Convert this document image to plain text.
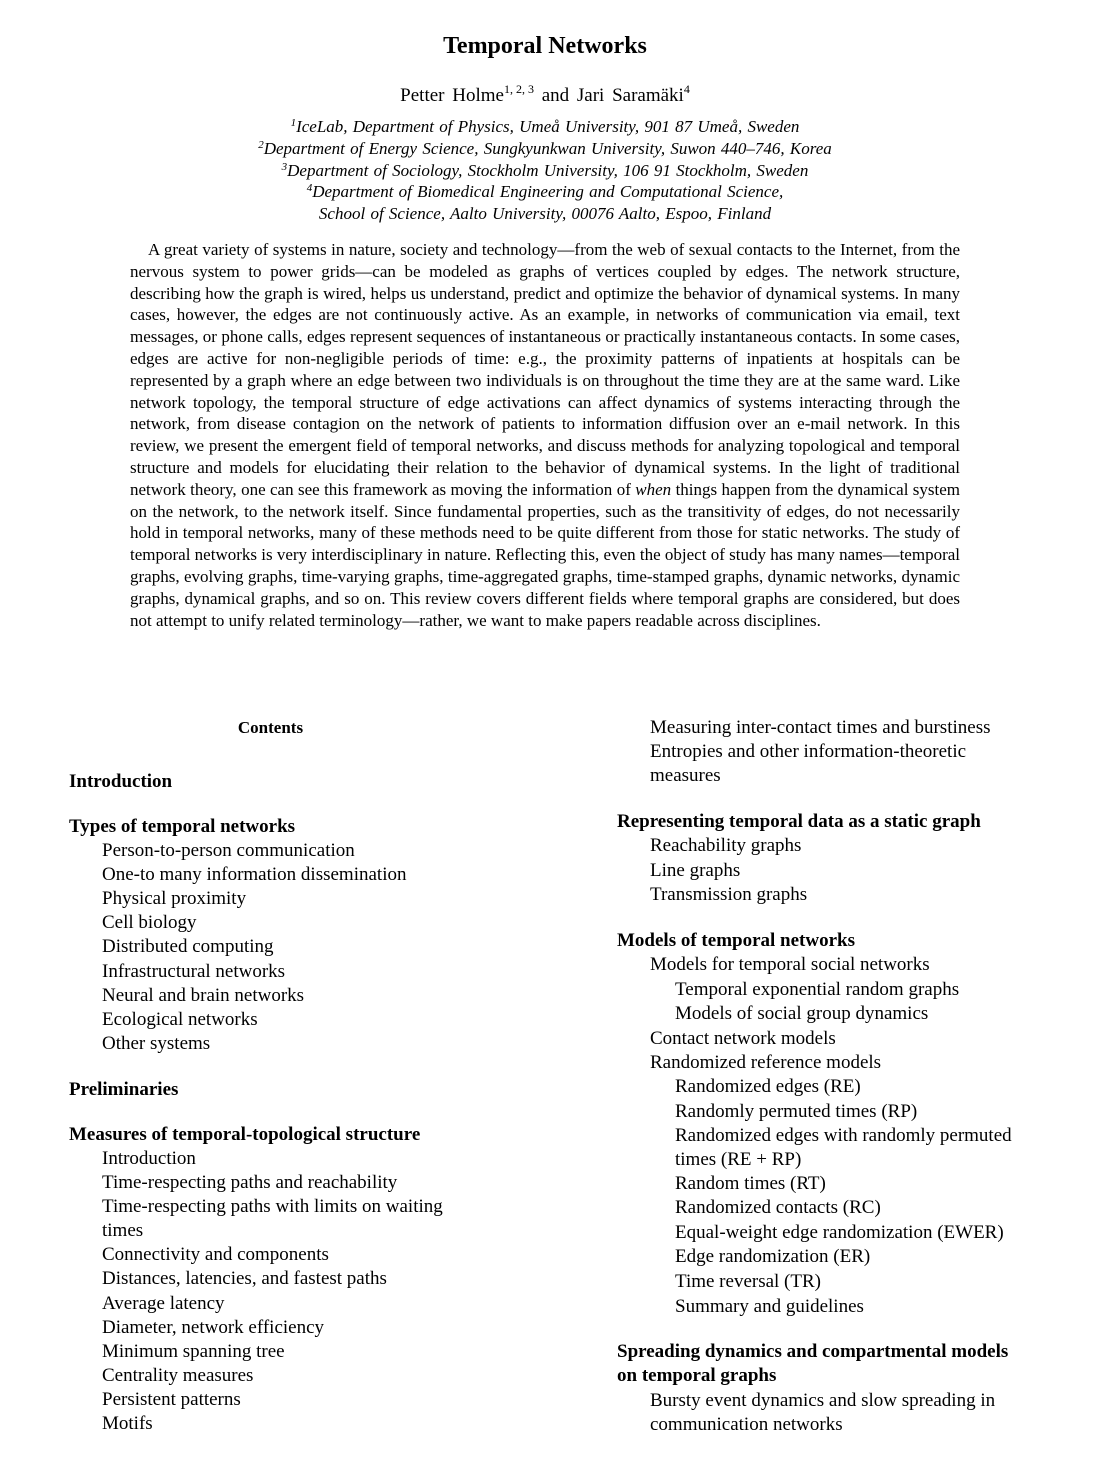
Temporal Networks
Petter Holme$^{1, 2, 3}$ and Jari Saramäki$^4$
$^1$IceLab, Department of Physics, Umeå University, 901 87 Umeå, Sweden
$^2$Department of Energy Science, Sungkyunkwan University, Suwon 440–746, Korea
$^3$Department of Sociology, Stockholm University, 106 91 Stockholm, Sweden
$^4$Department of Biomedical Engineering and Computational Science,
School of Science, Aalto University, 00076 Aalto, Espoo, Finland

A great variety of systems in nature, society and technology—from the web of sexual contacts to the Internet, from the nervous system to power grids—can be modeled as graphs of vertices coupled by edges. The network structure, describing how the graph is wired, helps us understand, predict and optimize the behavior of dynamical systems. In many cases, however, the edges are not continuously active. As an example, in networks of communication via email, text messages, or phone calls, edges represent sequences of instantaneous or practically instantaneous contacts. In some cases, edges are active for non-negligible periods of time: e.g., the proximity patterns of inpatients at hospitals can be represented by a graph where an edge between two individuals is on throughout the time they are at the same ward. Like network topology, the temporal structure of edge activations can affect dynamics of systems interacting through the network, from disease contagion on the network of patients to information diffusion over an e-mail network. In this review, we present the emergent field of temporal networks, and discuss methods for analyzing topological and temporal structure and models for elucidating their relation to the behavior of dynamical systems. In the light of traditional network theory, one can see this framework as moving the information of when things happen from the dynamical system on the network, to the network itself. Since fundamental properties, such as the transitivity of edges, do not necessarily hold in temporal networks, many of these methods need to be quite different from those for static networks. The study of temporal networks is very interdisciplinary in nature. Reflecting this, even the object of study has many names—temporal graphs, evolving graphs, time-varying graphs, time-aggregated graphs, time-stamped graphs, dynamic networks, dynamic graphs, dynamical graphs, and so on. This review covers different fields where temporal graphs are considered, but does not attempt to unify related terminology—rather, we want to make papers readable across disciplines.

Contents
Introduction
Types of temporal networks
Person-to-person communication
One-to many information dissemination
Physical proximity
Cell biology
Distributed computing
Infrastructural networks
Neural and brain networks
Ecological networks
Other systems
Preliminaries
Measures of temporal-topological structure
Introduction
Time-respecting paths and reachability
Time-respecting paths with limits on waiting
times
Connectivity and components
Distances, latencies, and fastest paths
Average latency
Diameter, network efficiency
Minimum spanning tree
Centrality measures
Persistent patterns
Motifs
Measuring inter-contact times and burstiness
Entropies and other information-theoretic
measures
Representing temporal data as a static graph
Reachability graphs
Line graphs
Transmission graphs
Models of temporal networks
Models for temporal social networks
Temporal exponential random graphs
Models of social group dynamics
Contact network models
Randomized reference models
Randomized edges (RE)
Randomly permuted times (RP)
Randomized edges with randomly permuted
times (RE + RP)
Random times (RT)
Randomized contacts (RC)
Equal-weight edge randomization (EWER)
Edge randomization (ER)
Time reversal (TR)
Summary and guidelines
Spreading dynamics and compartmental models
on temporal graphs
Bursty event dynamics and slow spreading in
communication networks
